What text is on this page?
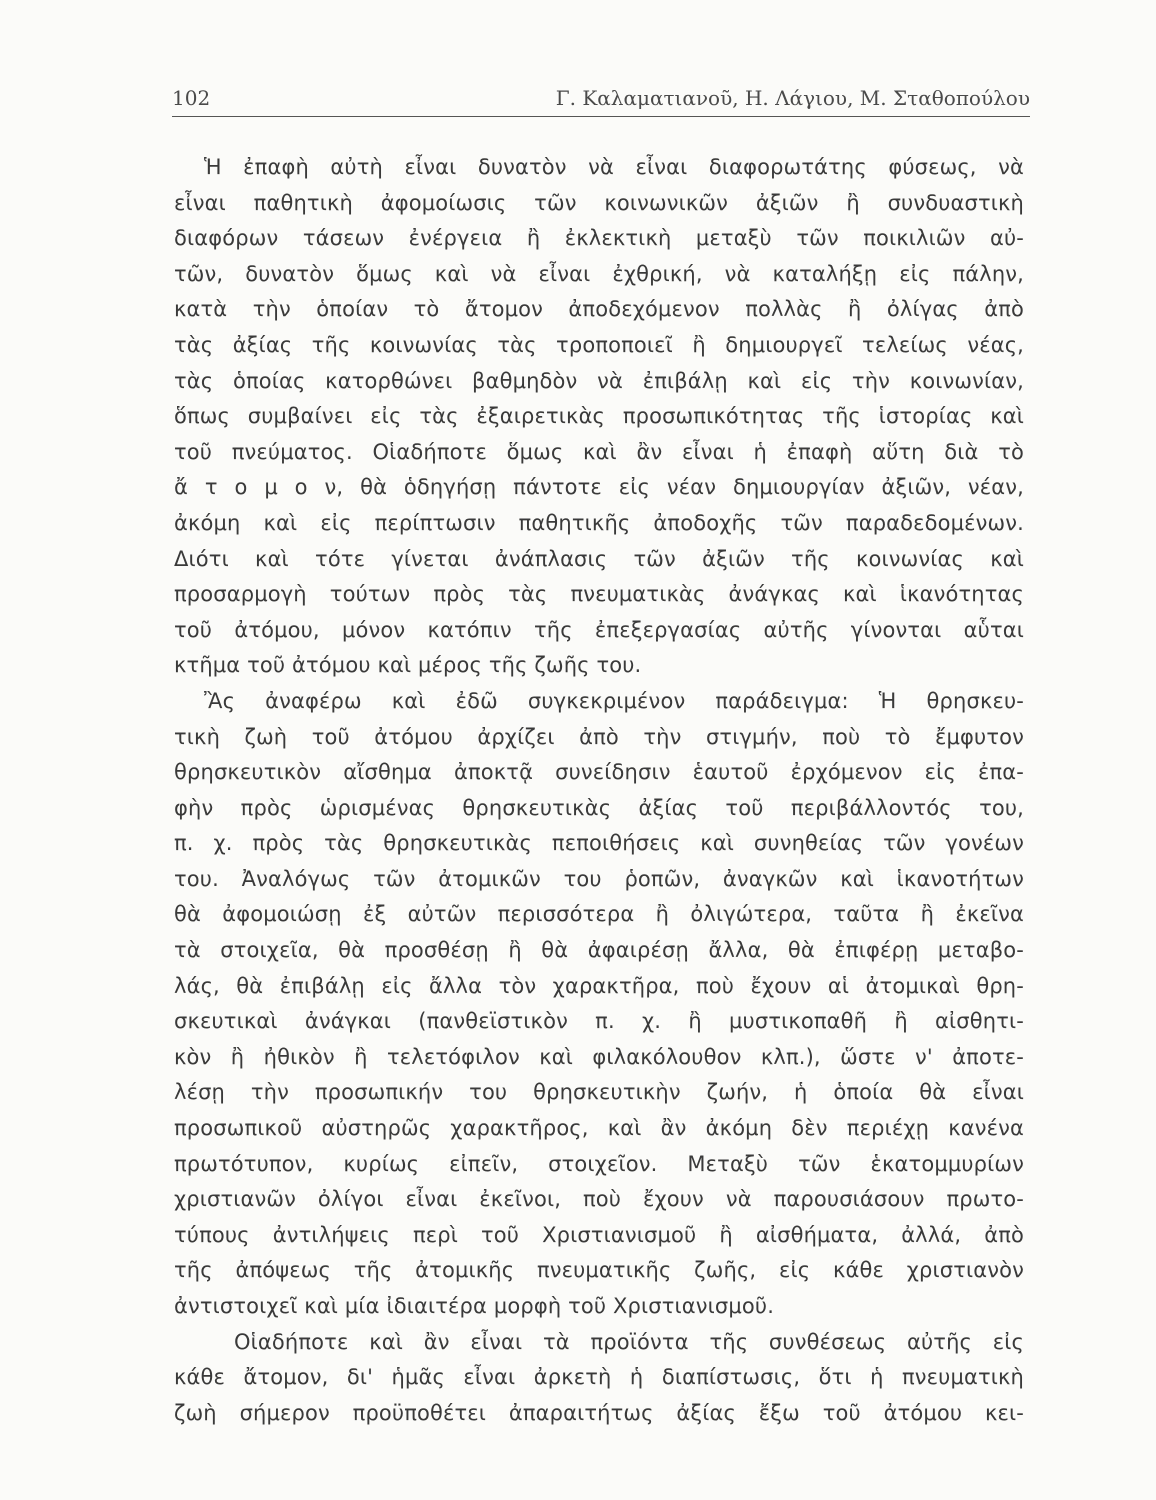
102	Γ. Καλαματιανοῦ, Η. Λάγιου, Μ. Σταθοπούλου
Ἡ ἐπαφὴ αὐτὴ εἶναι δυνατὸν νὰ εἶναι διαφορωτάτης φύσεως, νὰ
εἶναι παθητικὴ ἀφομοίωσις τῶν κοινωνικῶν ἀξιῶν ἢ συνδυαστικὴ
διαφόρων τάσεων ἐνέργεια ἢ ἐκλεκτικὴ μεταξὺ τῶν ποικιλιῶν αὐ-
τῶν, δυνατὸν ὅμως καὶ νὰ εἶναι ἐχθρική, νὰ καταλήξῃ εἰς πάλην,
κατὰ τὴν ὁποίαν τὸ ἄτομον ἀποδεχόμενον πολλὰς ἢ ὀλίγας ἀπὸ
τὰς ἀξίας τῆς κοινωνίας τὰς τροποποιεῖ ἢ δημιουργεῖ τελείως νέας,
τὰς ὁποίας κατορθώνει βαθμηδὸν νὰ ἐπιβάλῃ καὶ εἰς τὴν κοινωνίαν,
ὅπως συμβαίνει εἰς τὰς ἐξαιρετικὰς προσωπικότητας τῆς ἱστορίας καὶ
τοῦ πνεύματος. Οἱαδήποτε ὅμως καὶ ἂν εἶναι ἡ ἐπαφὴ αὕτη διὰ τὸ
ἄ τ ο μ ο ν, θὰ ὁδηγήσῃ πάντοτε εἰς νέαν δημιουργίαν ἀξιῶν, νέαν,
ἀκόμη καὶ εἰς περίπτωσιν παθητικῆς ἀποδοχῆς τῶν παραδεδομένων.
Διότι καὶ τότε γίνεται ἀνάπλασις τῶν ἀξιῶν τῆς κοινωνίας καὶ
προσαρμογὴ τούτων πρὸς τὰς πνευματικὰς ἀνάγκας καὶ ἱκανότητας
τοῦ ἀτόμου, μόνον κατόπιν τῆς ἐπεξεργασίας αὐτῆς γίνονται αὗται
κτῆμα τοῦ ἀτόμου καὶ μέρος τῆς ζωῆς του.
Ἂς ἀναφέρω καὶ ἐδῶ συγκεκριμένον παράδειγμα: Ἡ θρησκευ-
τικὴ ζωὴ τοῦ ἀτόμου ἀρχίζει ἀπὸ τὴν στιγμήν, ποὺ τὸ ἔμφυτον
θρησκευτικὸν αἴσθημα ἀποκτᾷ συνείδησιν ἑαυτοῦ ἐρχόμενον εἰς ἐπα-
φὴν πρὸς ὡρισμένας θρησκευτικὰς ἀξίας τοῦ περιβάλλοντός του,
π. χ. πρὸς τὰς θρησκευτικὰς πεποιθήσεις καὶ συνηθείας τῶν γονέων
του. Ἀναλόγως τῶν ἀτομικῶν του ῥοπῶν, ἀναγκῶν καὶ ἱκανοτήτων
θὰ ἀφομοιώσῃ ἐξ αὐτῶν περισσότερα ἢ ὀλιγώτερα, ταῦτα ἢ ἐκεῖνα
τὰ στοιχεῖα, θὰ προσθέσῃ ἢ θὰ ἀφαιρέσῃ ἄλλα, θὰ ἐπιφέρῃ μεταβο-
λάς, θὰ ἐπιβάλῃ εἰς ἄλλα τὸν χαρακτῆρα, ποὺ ἔχουν αἱ ἀτομικαὶ θρη-
σκευτικαὶ ἀνάγκαι (πανθεϊστικὸν π. χ. ἢ μυστικοπαθῆ ἢ αἰσθητι-
κὸν ἢ ἠθικὸν ἢ τελετόφιλον καὶ φιλακόλουθον κλπ.), ὥστε ν' ἀποτε-
λέσῃ τὴν προσωπικήν του θρησκευτικὴν ζωήν, ἡ ὁποία θὰ εἶναι
προσωπικοῦ αὐστηρῶς χαρακτῆρος, καὶ ἂν ἀκόμη δὲν περιέχῃ κανένα
πρωτότυπον, κυρίως εἰπεῖν, στοιχεῖον. Μεταξὺ τῶν ἑκατομμυρίων
χριστιανῶν ὀλίγοι εἶναι ἐκεῖνοι, ποὺ ἔχουν νὰ παρουσιάσουν πρωτο-
τύπους ἀντιλήψεις περὶ τοῦ Χριστιανισμοῦ ἢ αἰσθήματα, ἀλλά, ἀπὸ
τῆς ἀπόψεως τῆς ἀτομικῆς πνευματικῆς ζωῆς, εἰς κάθε χριστιανὸν
ἀντιστοιχεῖ καὶ μία ἰδιαιτέρα μορφὴ τοῦ Χριστιανισμοῦ.
Οἱαδήποτε καὶ ἂν εἶναι τὰ προϊόντα τῆς συνθέσεως αὐτῆς εἰς
κάθε ἄτομον, δι' ἡμᾶς εἶναι ἀρκετὴ ἡ διαπίστωσις, ὅτι ἡ πνευματικὴ
ζωὴ σήμερον προϋποθέτει ἀπαραιτήτως ἀξίας ἔξω τοῦ ἀτόμου κει-
